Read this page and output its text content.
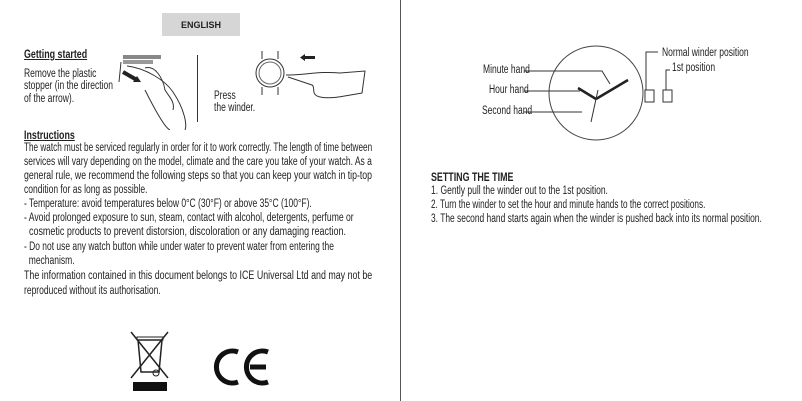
ENGLISH
Getting started
Remove the plastic
stopper (in the direction
of the arrow).	Press
the winder.
Instructions
The watch must be serviced regularly in order for it to work correctly. The length of time between
services will vary depending on the model, climate and the care you take of your watch. As a
general rule, we recommend the following steps so that you can keep your watch in tip-top
condition for as long as possible.
- Temperature: avoid temperatures below 0°C (30°F) or above 35°C (100°F).
- Avoid prolonged exposure to sun, steam, contact with alcohol, detergents, perfume or
cosmetic products to prevent distorsion, discoloration or any damaging reaction.
- Do not use any watch button while under water to prevent water from entering the
mechanism.
The information contained in this document belongs to ICE Universal Ltd and may not be
reproduced without its authorisation.
Minute hand
Hour hand
Second hand
Normal winder position
1st position
SETTING THE TIME
1. Gently pull the winder out to the 1st position.
2. Turn the winder to set the hour and minute hands to the correct positions.
3. The second hand starts again when the winder is pushed back into its normal position.
